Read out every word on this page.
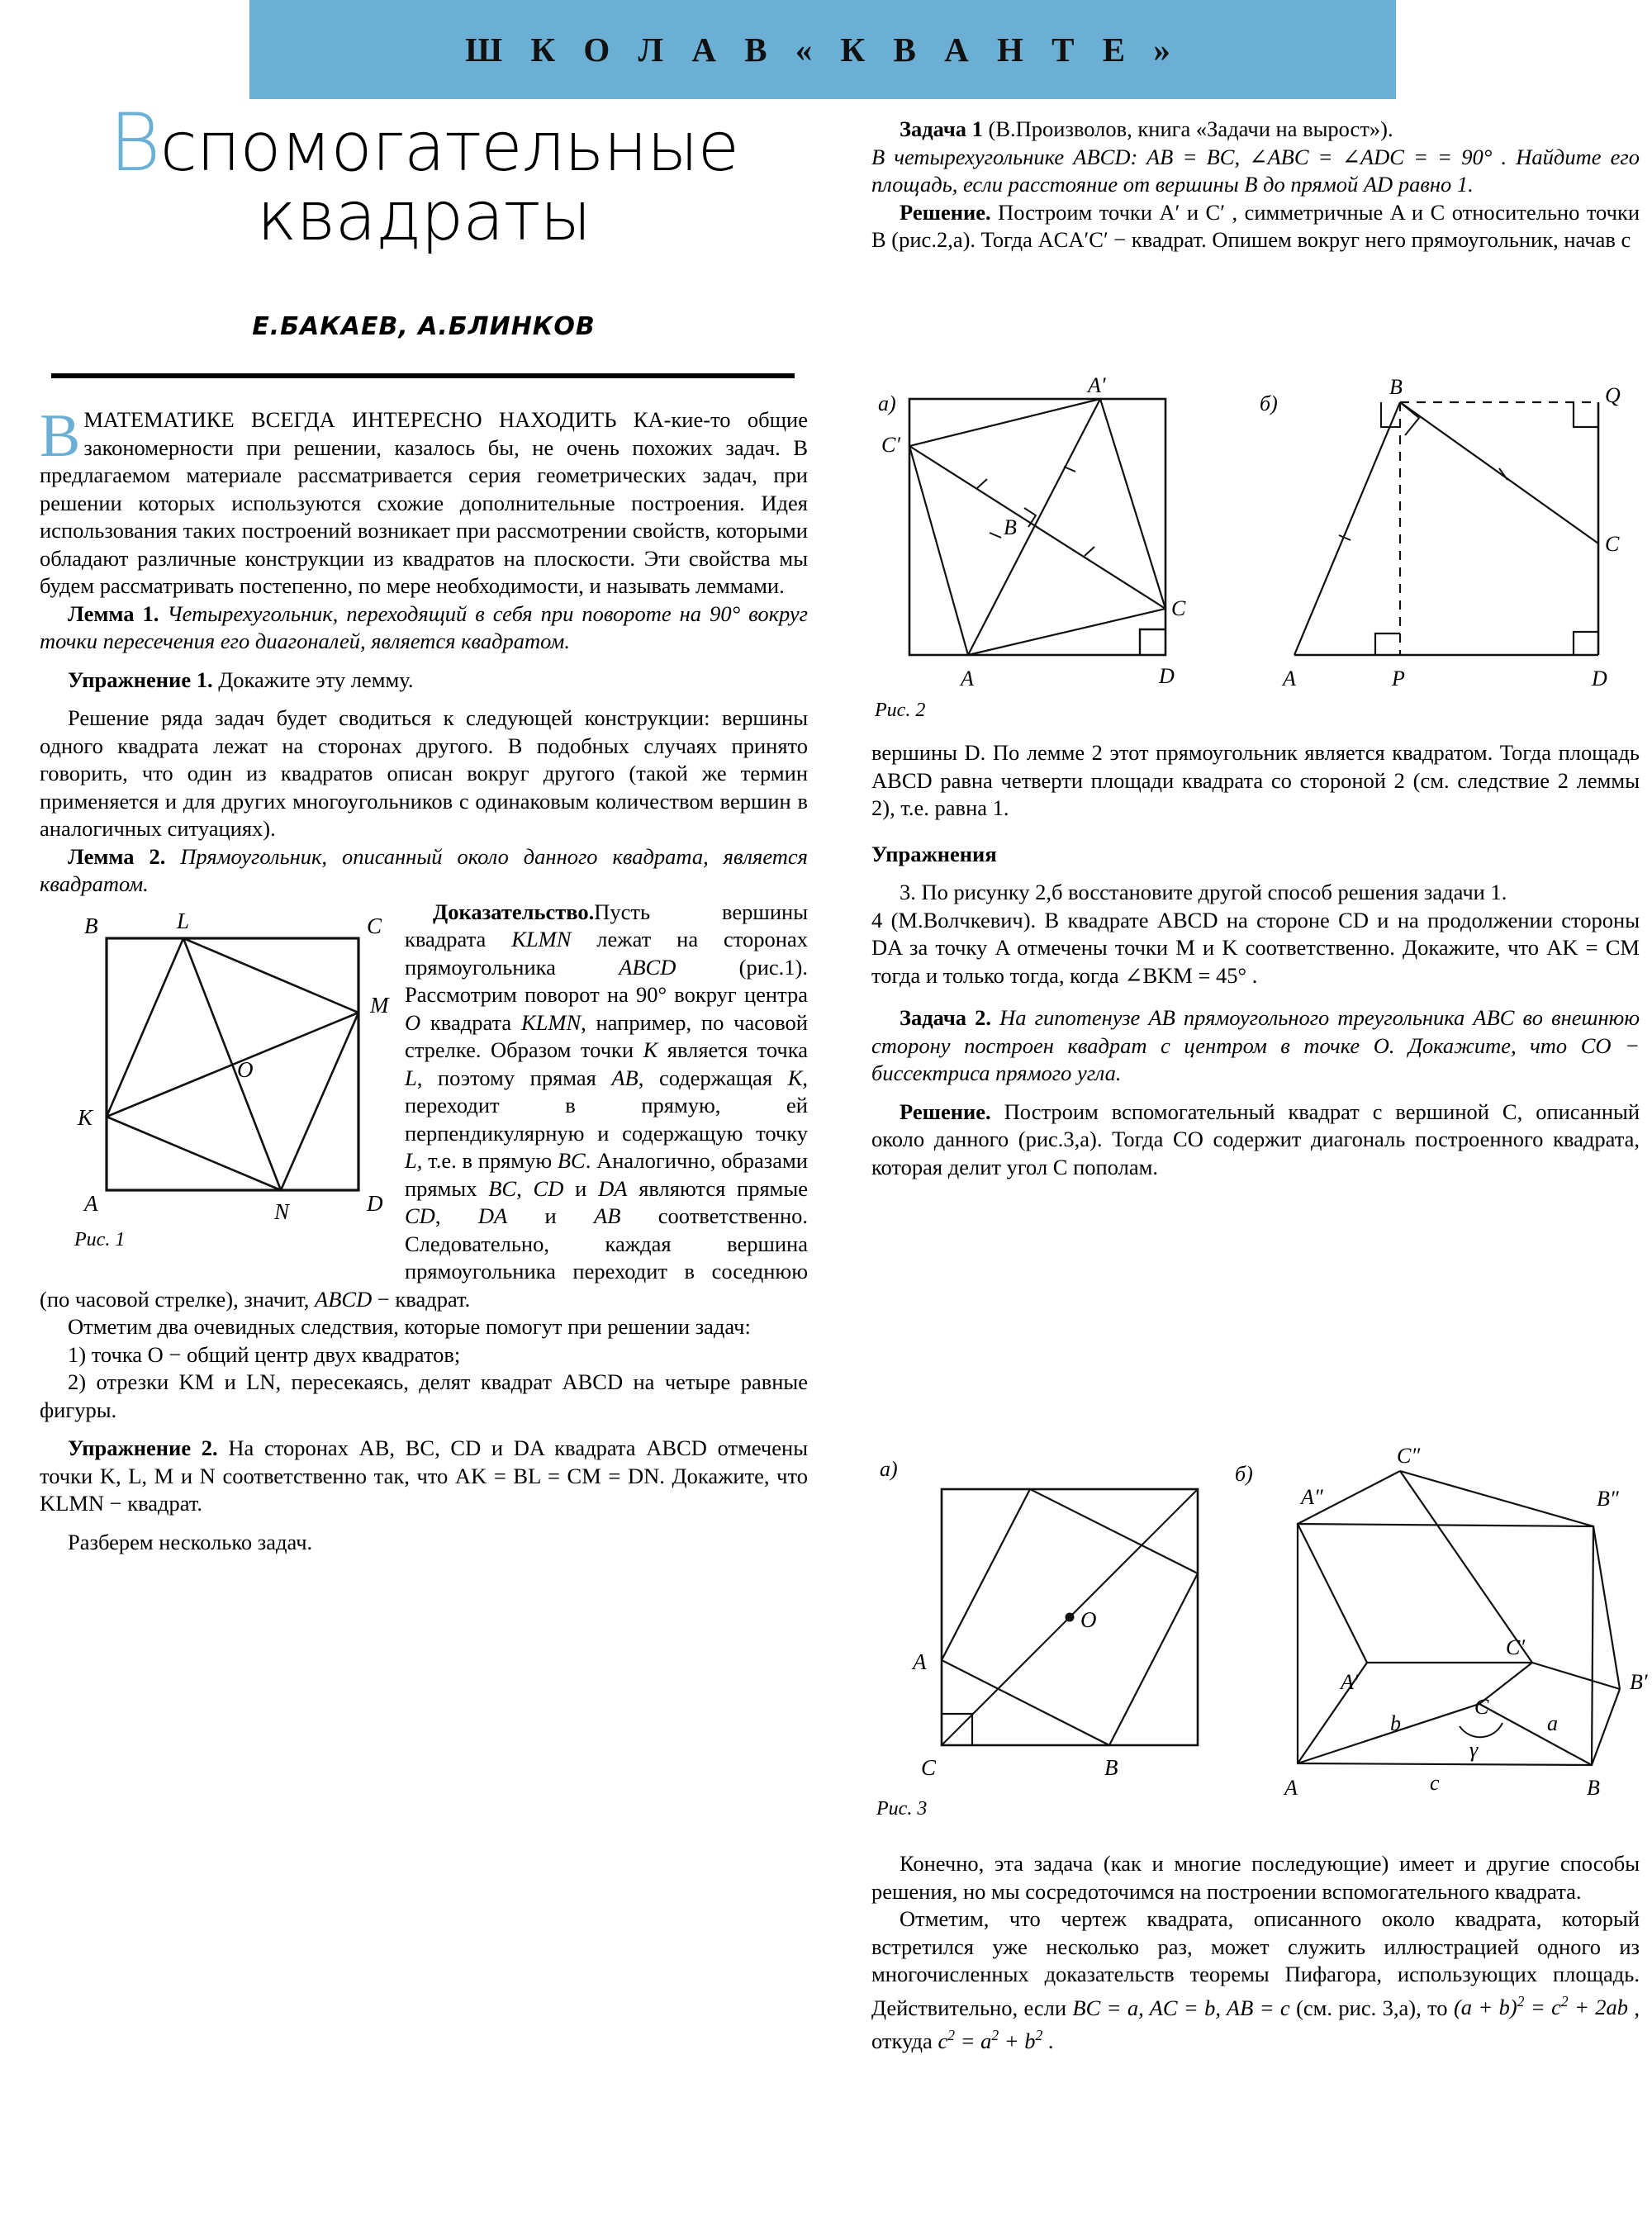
Ш К О Л А В « К В А Н Т Е »
Вспомогательные
квадраты
Е.БАКАЕВ, А.БЛИНКОВ

ВМАТЕМАТИКЕ ВСЕГДА ИНТЕРЕСНО НАХОДИТЬ КА-кие-то общие закономерности при решении, казалось бы, не очень похожих задач. В предлагаемом материале рассматривается серия геометрических задач, при решении которых используются схожие дополнительные построения. Идея использования таких построений возникает при рассмотрении свойств, которыми обладают различные конструкции из квадратов на плоскости. Эти свойства мы будем рассматривать постепенно, по мере необходимости, и называть леммами.

Лемма 1. Четырехугольник, переходящий в себя при повороте на 90° вокруг точки пересечения его диагоналей, является квадратом.

Упражнение 1. Докажите эту лемму.

Решение ряда задач будет сводиться к следующей конструкции: вершины одного квадрата лежат на сторонах другого. В подобных случаях принято говорить, что один из квадратов описан вокруг другого (такой же термин применяется и для других многоугольников с одинаковым количеством вершин в аналогичных ситуациях).

Лемма 2. Прямоугольник, описанный около данного квадрата, является квадратом.

B	C
A	D
L
M
N
K
O
Рис. 1
Доказательство.Пусть вершины квадрата KLMN лежат на сторонах прямоугольника ABCD (рис.1). Рассмотрим поворот на 90° вокруг центра O квадрата KLMN, например, по часовой стрелке. Образом точки K является точка L, поэтому прямая AB, содержащая K, переходит в прямую, ей перпендикулярную и содержащую точку L, т.е. в прямую BC. Аналогично, образами прямых BC, CD и DA являются прямые CD, DA и AB соответственно. Следовательно, каждая вершина прямоугольника переходит в соседнюю (по часовой стрелке), значит, ABCD − квадрат.

Отметим два очевидных следствия, которые помогут при решении задач:

1) точка O − общий центр двух квадратов;

2) отрезки KM и LN, пересекаясь, делят квадрат ABCD на четыре равные фигуры.

Упражнение 2. На сторонах AB, BC, CD и DA квадрата ABCD отмечены точки K, L, M и N соответственно так, что AK = BL = CM = DN. Докажите, что KLMN − квадрат.

Разберем несколько задач.

Задача 1 (В.Произволов, книга «Задачи на вырост»).

В четырехугольнике ABCD: AB = BC, ∠ABC = ∠ADC = = 90° . Найдите его площадь, если расстояние от вершины B до прямой AD равно 1.

Решение. Построим точки A′ и C′ , симметричные A и C относительно точки B (рис.2,а). Тогда ACA′C′ − квадрат. Опишем вокруг него прямоугольник, начав с

а)
B
A′
C′
A
C
D
б)
B	Q
C
A	P	D
Рис. 2

вершины D. По лемме 2 этот прямоугольник является квадратом. Тогда площадь ABCD равна четверти площади квадрата со стороной 2 (см. следствие 2 леммы 2), т.е. равна 1.

Упражнения

3. По рисунку 2,б восстановите другой способ решения задачи 1.

4 (М.Волчкевич). В квадрате ABCD на стороне CD и на продолжении стороны DA за точку A отмечены точки M и K соответственно. Докажите, что AK = CM тогда и только тогда, когда ∠BKM = 45° .

Задача 2. На гипотенузе AB прямоугольного треугольника ABC во внешнюю сторону построен квадрат с центром в точке О. Докажите, что СО − биссектриса прямого угла.

Решение. Построим вспомогательный квадрат с вершиной C, описанный около данного (рис.3,а). Тогда CO содержит диагональ построенного квадрата, которая делит угол C пополам.

а)
O
A
C	B
Рис. 3
б)
A″
C″
B″
C′
B′
A′
A	B
C
b	a
c
γ

Конечно, эта задача (как и многие последующие) имеет и другие способы решения, но мы сосредоточимся на построении вспомогательного квадрата.

Отметим, что чертеж квадрата, описанного около квадрата, который встретился уже несколько раз, может служить иллюстрацией одного из многочисленных доказательств теоремы Пифагора, использующих площадь. Действительно, если BC = a, AC = b, AB = c (см. рис. 3,а), то $(a + b)^2 = c^2 + 2ab$ , откуда $c^2 = a^2 + b^2$ .
